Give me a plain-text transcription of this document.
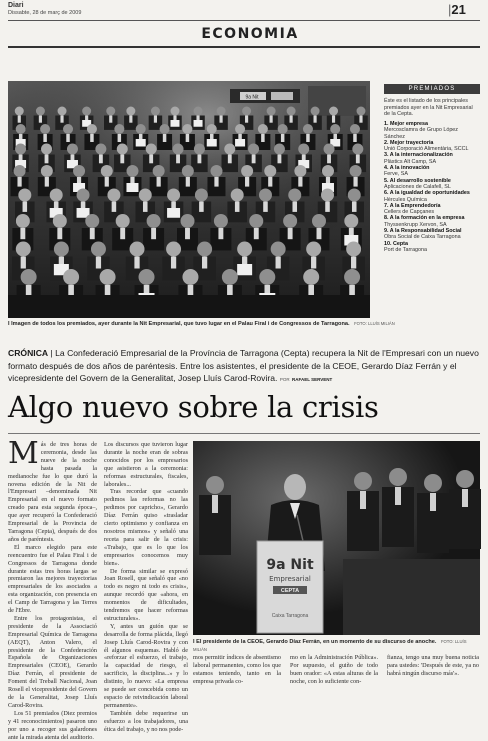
Diari
Dissabte, 28 de març de 2009	|21
ECONOMIA
9a Nit
I Imagen de todos los premiados, ayer durante la Nit Empresarial, que tuvo lugar en el Palau Firal i de Congressos de Tarragona. FOTO: LLUÍS MILIÁN
PREMIADOS
Éste es el listado de los principales premiados ayer en la Nit Empresarial de la Cepta.
1. Mejor empresa
Mercosclamra de Grupo López Sánchez
2. Mejor trayectoria
Unió Corporació Alimentària, SCCL
3. A la internacionalización
Plàstics Alt Camp, SA
4. A la innovación
Ferve, SA
5. Al desarrollo sostenible
Aplicaciones de Calafell, SL
6. A la igualdad de oportunidades
Hèrcules Química
7. A la Emprendedoría
Cellers de Capçanes
8. A la formación en la empresa
Thyssenkrupp Xervon, SA
9. A la Responsabilidad Social
Obra Social de Caixa Tarragona
10. Cepta
Port de Tarragona
CRÓNICA | La Confederació Empresarial de la Província de Tarragona (Cepta) recupera la Nit de l'Empresari con un nuevo formato después de dos años de paréntesis. Entre los asistentes, el presidente de la CEOE, Gerardo Díaz Ferrán y el vicepresidente del Govern de la Generalitat, Josep Lluís Carod-Rovira. POR RAFAEL SERVENT
Algo nuevo sobre la crisis
M ás de tres horas de ceremonia, desde las nueve de la noche hasta pasada la medianoche fue lo que duró la novena edición de la Nit de l'Empresari –denominada Nit Empresarial en el nuevo formato creado para esta segunda época–, que ayer recuperó la Confederació Empresarial de la Provincia de Tarragona (Cepta), después de dos años de paréntesis.

El marco elegido para este reencuentro fue el Palau Firal i de Congressos de Tarragona donde durante estas tres horas largas se premiaron las mejores trayectorias empresariales de los asociados a esta organización, con presencia en el Camp de Tarragona y las Terres de l'Ebre.

Entre los protagonistas, el presidente de la Associació Empresarial Química de Tarragona (AEQT), Anton Valero, el presidente de la Confederación Española de Organizaciones Empresariales (CEOE), Gerardo Díaz Ferrán, el presidente de Foment del Treball Nacional, Joan Rosell el vicepresidente del Govern de la Generalitat, Josep Lluís Carod-Rovira.

Los 51 premiados (Diez premios y 41 reconocimientos) pasaron uno por uno a recoger sus galardones ante la mirada atenta del auditorio.

Los discursos que tuvieron lugar durante la noche eran de sobras conocidos por los empresarios que asistieron a la ceremonia: reformas estructurales, fiscales, laborales...

Tras recordar que «cuando pedimos las reformas no las pedimos por capricho», Gerardo Díaz Ferrán quiso «trasladar cierto optimismo y confianza en nosotros mismos» y señaló una receta para salir de la crisis: «Trabajo, que es lo que los empresarios conocemos muy bien».

De forma similar se expresó Joan Rosell, que señaló que «no todo es negro ni todo es crisis», aunque recordó que «ahora, en momentos de dificultades, tendremos que hacer reformas estructurales».

Y, antes un guión que se desarrolla de forma plácida, llegó Josep Lluís Carod-Rovira y con él algunos esquemas. Habló de «reforzar el esfuerzo, el trabajo, la capacidad de riesgo, el sacrificio, la disciplina...» y lo distinto, lo nuevo: «La empresa se puede ser concebida como un espacio de reivindicación laboral permanente».

También debe requerirse un esfuerzo a los trabajadores, una ética del trabajo, y no nos pode-

9a Nit
Empresarial
CEPTA
Caixa Tarragona
I El presidente de la CEOE, Gerardo Díaz Ferrán, en un momento de su discurso de anoche. FOTO: LLUÍS MILIÁN

mos permitir índices de absentismo laboral permanentes, como los que estamos teniendo, tanto en la empresa privada co-

mo en la Administración Pública». Por supuesto, el guiño de todo buen orador: «A estas alturas de la noche, con lo suficiente con-

fianza, tengo una muy buena noticia para ustedes: 'Después de este, ya no habrá ningún discurso más'».
